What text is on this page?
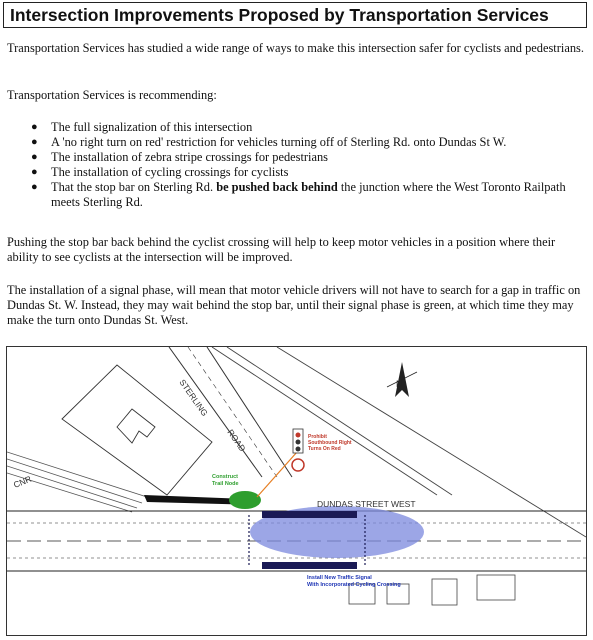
Intersection Improvements Proposed by Transportation Services

Transportation Services has studied a wide range of ways to make this intersection safer for cyclists and pedestrians.

Transportation Services is recommending:

● The full signalization of this intersection
● A 'no right turn on red' restriction for vehicles turning off of Sterling Rd. onto Dundas St W.
● The installation of zebra stripe crossings for pedestrians
● The installation of cycling crossings for cyclists
● That the stop bar on Sterling Rd. be pushed back behind the junction where the West Toronto Railpath meets Sterling Rd.

Pushing the stop bar back behind the cyclist crossing will help to keep motor vehicles in a position where their ability to see cyclists at the intersection will be improved.

The installation of a signal phase, will mean that motor vehicle drivers will not have to search for a gap in traffic on Dundas St. W. Instead, they may wait behind the stop bar, until their signal phase is green, at which time they may make the turn onto Dundas St. West.

N
STERLING
ROAD
DUNDAS STREET WEST
CNR	Construct
Trail Node
Prohibit
Southbound Right
Turns On Red
Install New Traffic Signal
With Incorporated Cycling Crossing
